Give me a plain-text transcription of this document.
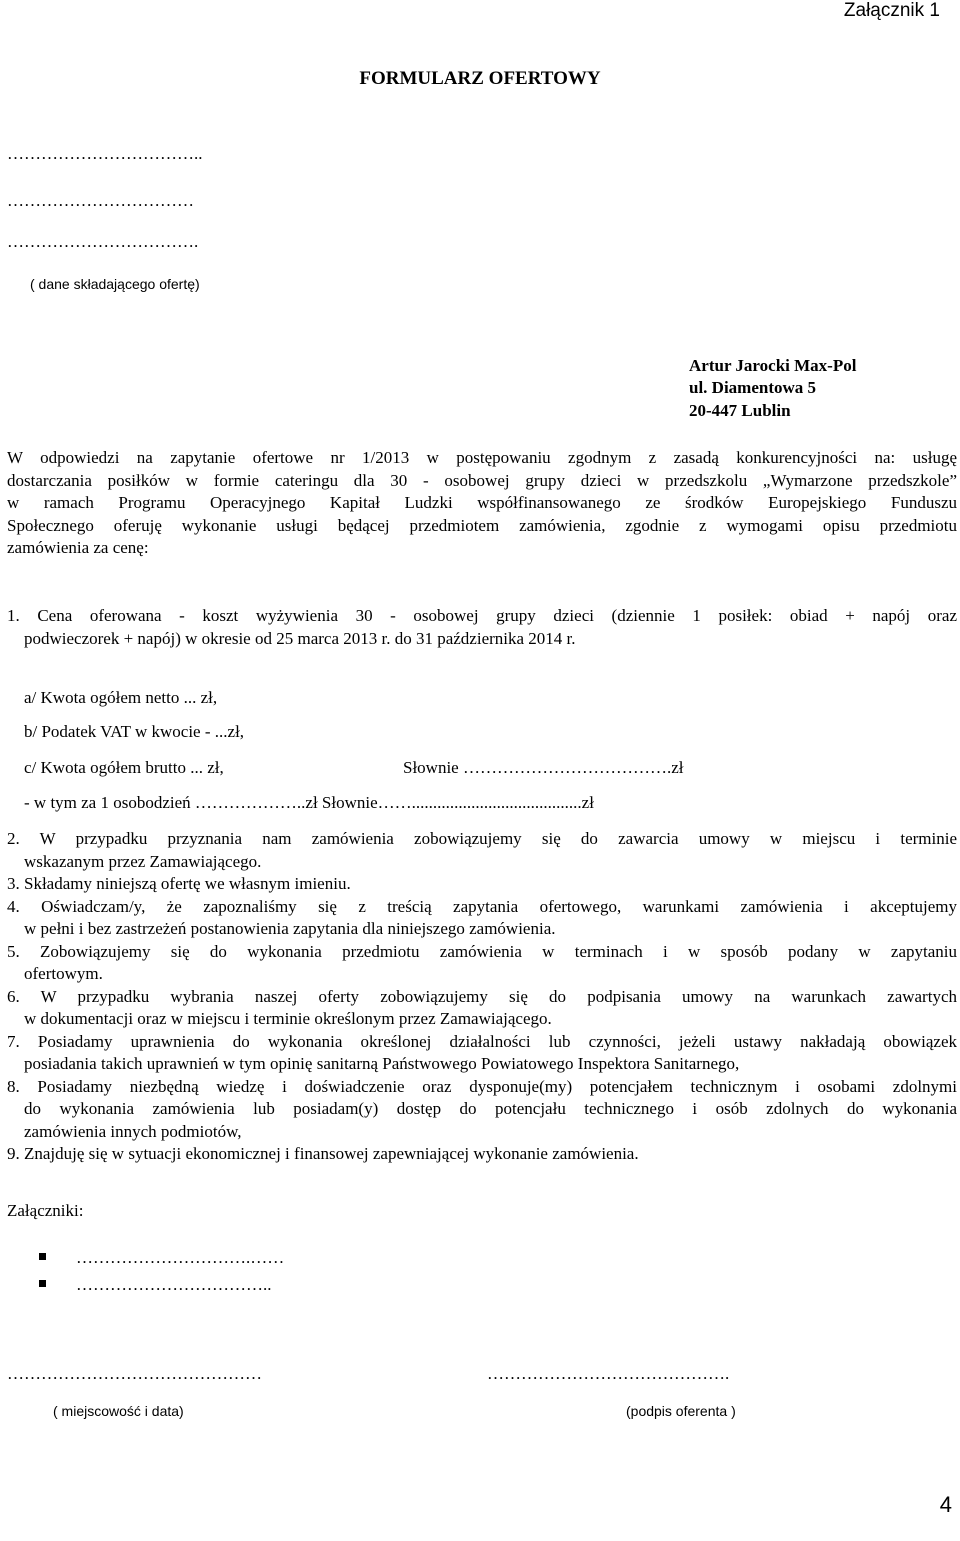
Załącznik 1
FORMULARZ OFERTOWY
……………………………..
……………………………
…………………………….
( dane składającego ofertę)
Artur Jarocki Max-Pol
ul. Diamentowa 5
20-447 Lublin
W odpowiedzi na zapytanie ofertowe nr 1/2013 w postępowaniu zgodnym z zasadą konkurencyjności na: usługę
dostarczania posiłków w formie cateringu dla 30 - osobowej grupy dzieci w przedszkolu „Wymarzone przedszkole”
w ramach Programu Operacyjnego Kapitał Ludzki współfinansowanego ze środków Europejskiego Funduszu
Społecznego oferuję wykonanie usługi będącej przedmiotem zamówienia, zgodnie z wymogami opisu przedmiotu
zamówienia za cenę:
1. Cena oferowana - koszt wyżywienia 30 - osobowej grupy dzieci (dziennie 1 posiłek: obiad + napój oraz
podwieczorek + napój) w okresie od 25 marca 2013 r. do 31 października 2014 r.
a/ Kwota ogółem netto ... zł,
b/ Podatek VAT w kwocie - ...zł,
c/ Kwota ogółem brutto ... zł,	Słownie ……………………………….zł
- w tym za 1 osobodzień ………………..zł Słownie……........................................zł
2. W przypadku przyznania nam zamówienia zobowiązujemy się do zawarcia umowy w miejscu i terminie
wskazanym przez Zamawiającego.
3. Składamy niniejszą ofertę we własnym imieniu.
4. Oświadczam/y, że zapoznaliśmy się z treścią zapytania ofertowego, warunkami zamówienia i akceptujemy
w pełni i bez zastrzeżeń postanowienia zapytania dla niniejszego zamówienia.
5. Zobowiązujemy się do wykonania przedmiotu zamówienia w terminach i w sposób podany w zapytaniu
ofertowym.
6. W przypadku wybrania naszej oferty zobowiązujemy się do podpisania umowy na warunkach zawartych
w dokumentacji oraz w miejscu i terminie określonym przez Zamawiającego.
7. Posiadamy uprawnienia do wykonania określonej działalności lub czynności, jeżeli ustawy nakładają obowiązek
posiadania takich uprawnień w tym opinię sanitarną Państwowego Powiatowego Inspektora Sanitarnego,
8. Posiadamy niezbędną wiedzę i doświadczenie oraz dysponuje(my) potencjałem technicznym i osobami zdolnymi
do wykonania zamówienia lub posiadam(y) dostęp do potencjału technicznego i osób zdolnych do wykonania
zamówienia innych podmiotów,
9. Znajduję się w sytuacji ekonomicznej i finansowej zapewniającej wykonanie zamówienia.
Załączniki:
………………………….……
……………………………..
………………………………………
( miejscowość i data)
…………………………………….
(podpis oferenta )
4
